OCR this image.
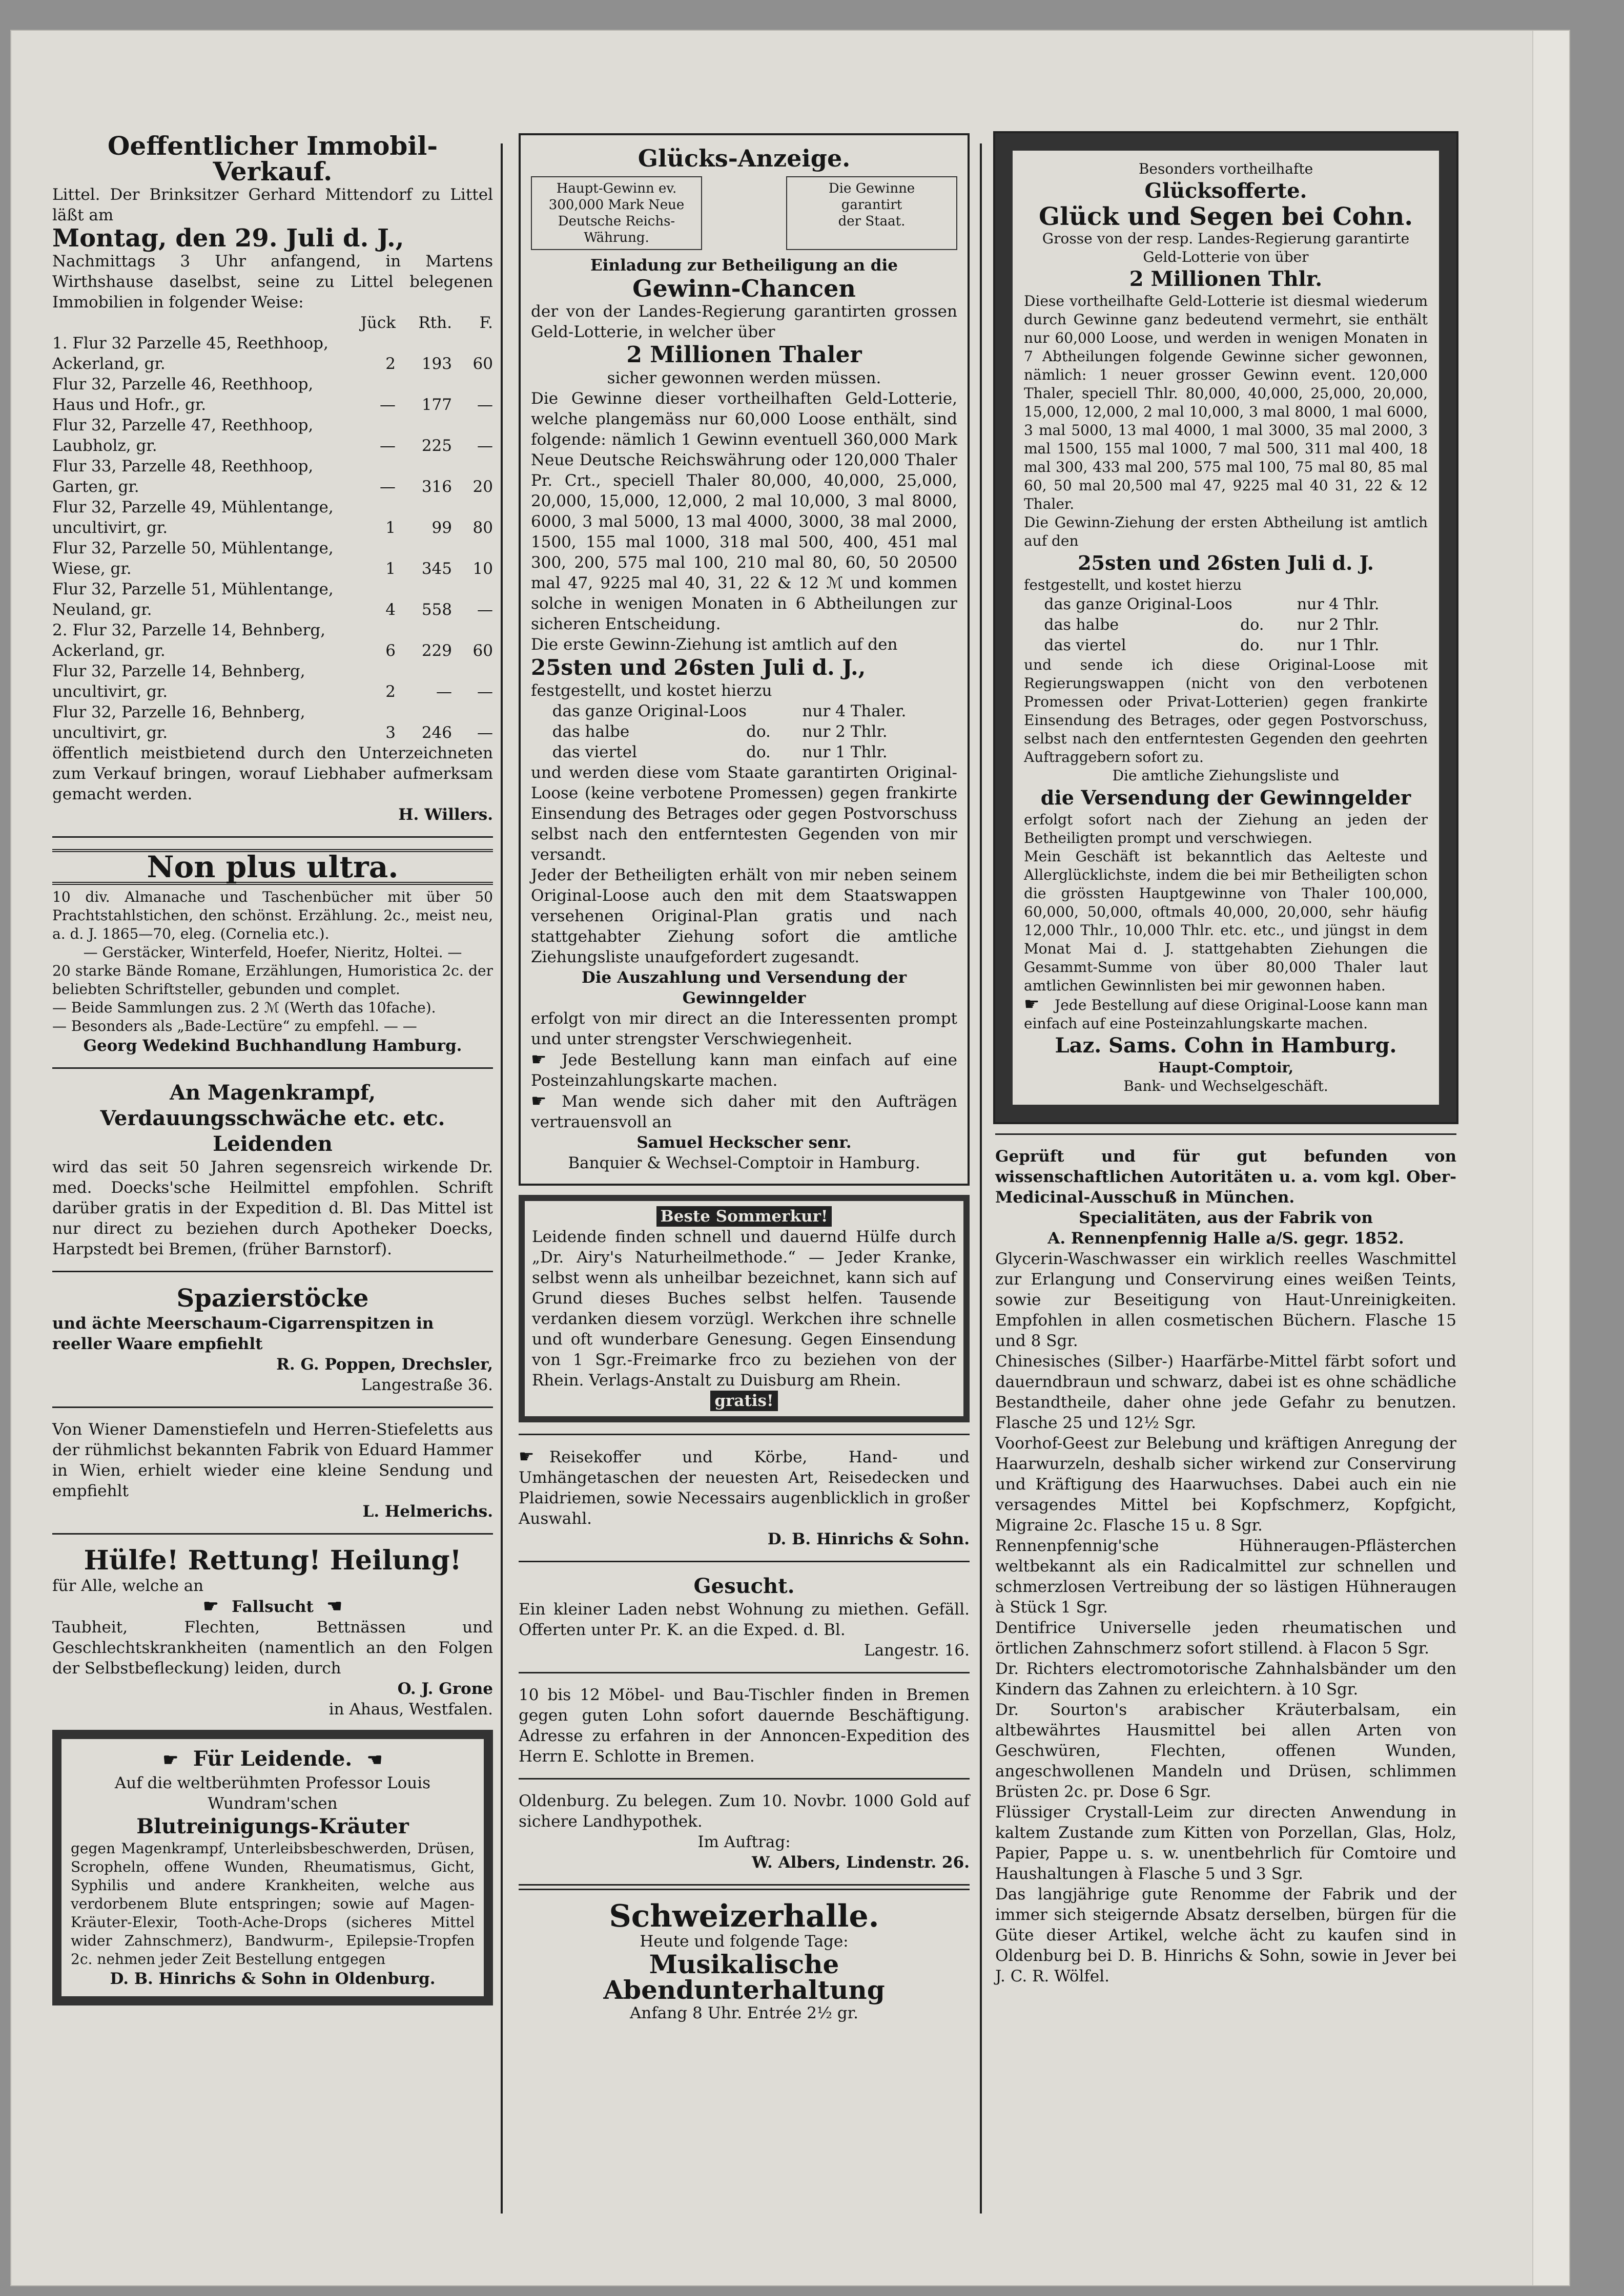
Oeffentlicher Immobil-Verkauf.

Littel. Der Brinksitzer Gerhard Mittendorf zu Littel läßt am

Montag, den 29. Juli d. J.,

Nachmittags 3 Uhr anfangend, in Martens Wirthshause daselbst, seine zu Littel belegenen Immobilien in folgender Weise:

	Jück	Rth.	F.
1. Flur 32 Parzelle 45, Reethhoop, Ackerland, gr.	2	193	60
Flur 32, Parzelle 46, Reethhoop, Haus und Hofr., gr.	—	177	—
Flur 32, Parzelle 47, Reethhoop, Laubholz, gr.	—	225	—
Flur 33, Parzelle 48, Reethhoop, Garten, gr.	—	316	20
Flur 32, Parzelle 49, Mühlentange, uncultivirt, gr.	1	99	80
Flur 32, Parzelle 50, Mühlentange, Wiese, gr.	1	345	10
Flur 32, Parzelle 51, Mühlentange, Neuland, gr.	4	558	—
2. Flur 32, Parzelle 14, Behnberg, Ackerland, gr.	6	229	60
Flur 32, Parzelle 14, Behnberg, uncultivirt, gr.	2	—	—
Flur 32, Parzelle 16, Behnberg, uncultivirt, gr.	3	246	—

öffentlich meistbietend durch den Unterzeichneten zum Verkauf bringen, worauf Liebhaber aufmerksam gemacht werden.

H. Willers.

Non plus ultra.

10 div. Almanache und Taschenbücher mit über 50 Prachtstahlstichen, den schönst. Erzählung. 2c., meist neu, a. d. J. 1865—70, eleg. (Cornelia etc.).

— Gerstäcker, Winterfeld, Hoefer, Nieritz, Holtei. —

20 starke Bände Romane, Erzählungen, Humoristica 2c. der beliebten Schriftsteller, gebunden und complet.

— Beide Sammlungen zus. 2 ℳ (Werth das 10fache).

— Besonders als „Bade-Lectüre“ zu empfehl. — —

Georg Wedekind Buchhandlung Hamburg.

An Magenkrampf, Verdauungsschwäche etc. etc. Leidenden

wird das seit 50 Jahren segensreich wirkende Dr. med. Doecks'sche Heilmittel empfohlen. Schrift darüber gratis in der Expedition d. Bl. Das Mittel ist nur direct zu beziehen durch Apotheker Doecks, Harpstedt bei Bremen, (früher Barnstorf).

Spazierstöcke

und ächte Meerschaum-Cigarrenspitzen in reeller Waare empfiehlt

R. G. Poppen, Drechsler,

Langestraße 36.

Von Wiener Damenstiefeln und Herren-Stiefeletts aus der rühmlichst bekannten Fabrik von Eduard Hammer in Wien, erhielt wieder eine kleine Sendung und empfiehlt

L. Helmerichs.

Hülfe! Rettung! Heilung!

für Alle, welche an

☛ Fallsucht ☚

Taubheit, Flechten, Bettnässen und Geschlechtskrankheiten (namentlich an den Folgen der Selbstbefleckung) leiden, durch

O. J. Grone

in Ahaus, Westfalen.

☛ Für Leidende. ☚

Auf die weltberühmten Professor Louis Wundram'schen

Blutreinigungs-Kräuter

gegen Magenkrampf, Unterleibsbeschwerden, Drüsen, Scropheln, offene Wunden, Rheumatismus, Gicht, Syphilis und andere Krankheiten, welche aus verdorbenem Blute entspringen; sowie auf Magen-Kräuter-Elexir, Tooth-Ache-Drops (sicheres Mittel wider Zahnschmerz), Bandwurm-, Epilepsie-Tropfen 2c. nehmen jeder Zeit Bestellung entgegen

D. B. Hinrichs & Sohn in Oldenburg.

Glücks-Anzeige.
Haupt-Gewinn ev. 300,000 Mark Neue Deutsche Reichs-Währung.
Die Gewinne
garantirt
der Staat.

Einladung zur Betheiligung an die

Gewinn-Chancen

der von der Landes-Regierung garantirten grossen Geld-Lotterie, in welcher über

2 Millionen Thaler

sicher gewonnen werden müssen.

Die Gewinne dieser vortheilhaften Geld-Lotterie, welche plangemäss nur 60,000 Loose enthält, sind folgende: nämlich 1 Gewinn eventuell 360,000 Mark Neue Deutsche Reichswährung oder 120,000 Thaler Pr. Crt., speciell Thaler 80,000, 40,000, 25,000, 20,000, 15,000, 12,000, 2 mal 10,000, 3 mal 8000, 6000, 3 mal 5000, 13 mal 4000, 3000, 38 mal 2000, 1500, 155 mal 1000, 318 mal 500, 400, 451 mal 300, 200, 575 mal 100, 210 mal 80, 60, 50 20500 mal 47, 9225 mal 40, 31, 22 & 12 ℳ und kommen solche in wenigen Monaten in 6 Abtheilungen zur sicheren Entscheidung.

Die erste Gewinn-Ziehung ist amtlich auf den

25sten und 26sten Juli d. J.,

festgestellt, und kostet hierzu

das ganze Original-Loos		nur 4 Thaler.
das halbe	do.	nur 2 Thlr.
das viertel	do.	nur 1 Thlr.

und werden diese vom Staate garantirten Original-Loose (keine verbotene Promessen) gegen frankirte Einsendung des Betrages oder gegen Postvorschuss selbst nach den entferntesten Gegenden von mir versandt.

Jeder der Betheiligten erhält von mir neben seinem Original-Loose auch den mit dem Staatswappen versehenen Original-Plan gratis und nach stattgehabter Ziehung sofort die amtliche Ziehungsliste unaufgefordert zugesandt.

Die Auszahlung und Versendung der Gewinngelder

erfolgt von mir direct an die Interessenten prompt und unter strengster Verschwiegenheit.

☛ Jede Bestellung kann man einfach auf eine Posteinzahlungskarte machen.

☛ Man wende sich daher mit den Aufträgen vertrauensvoll an

Samuel Heckscher senr.

Banquier & Wechsel-Comptoir in Hamburg.

Beste Sommerkur!

Leidende finden schnell und dauernd Hülfe durch „Dr. Airy's Naturheilmethode.“ — Jeder Kranke, selbst wenn als unheilbar bezeichnet, kann sich auf Grund dieses Buches selbst helfen. Tausende verdanken diesem vorzügl. Werkchen ihre schnelle und oft wunderbare Genesung. Gegen Einsendung von 1 Sgr.-Freimarke frco zu beziehen von der Rhein. Verlags-Anstalt zu Duisburg am Rhein.

gratis!

☛ Reisekoffer und Körbe, Hand- und Umhängetaschen der neuesten Art, Reisedecken und Plaidriemen, sowie Necessairs augenblicklich in großer Auswahl.

D. B. Hinrichs & Sohn.

Gesucht.

Ein kleiner Laden nebst Wohnung zu miethen. Gefäll. Offerten unter Pr. K. an die Exped. d. Bl.

Langestr. 16.

10 bis 12 Möbel- und Bau-Tischler finden in Bremen gegen guten Lohn sofort dauernde Beschäftigung. Adresse zu erfahren in der Annoncen-Expedition des Herrn E. Schlotte in Bremen.

Oldenburg. Zu belegen. Zum 10. Novbr. 1000 Gold auf sichere Landhypothek.

Im Auftrag:

W. Albers, Lindenstr. 26.

Schweizerhalle.

Heute und folgende Tage:

Musikalische Abendunterhaltung

Anfang 8 Uhr. Entrée 2½ gr.

Besonders vortheilhafte

Glücksofferte.
Glück und Segen bei Cohn.

Grosse von der resp. Landes-Regierung garantirte Geld-Lotterie von über

2 Millionen Thlr.

Diese vortheilhafte Geld-Lotterie ist diesmal wiederum durch Gewinne ganz bedeutend vermehrt, sie enthält nur 60,000 Loose, und werden in wenigen Monaten in 7 Abtheilungen folgende Gewinne sicher gewonnen, nämlich: 1 neuer grosser Gewinn event. 120,000 Thaler, speciell Thlr. 80,000, 40,000, 25,000, 20,000, 15,000, 12,000, 2 mal 10,000, 3 mal 8000, 1 mal 6000, 3 mal 5000, 13 mal 4000, 1 mal 3000, 35 mal 2000, 3 mal 1500, 155 mal 1000, 7 mal 500, 311 mal 400, 18 mal 300, 433 mal 200, 575 mal 100, 75 mal 80, 85 mal 60, 50 mal 20,500 mal 47, 9225 mal 40 31, 22 & 12 Thaler.

Die Gewinn-Ziehung der ersten Abtheilung ist amtlich auf den

25sten und 26sten Juli d. J.

festgestellt, und kostet hierzu

das ganze Original-Loos		nur 4 Thlr.
das halbe	do.	nur 2 Thlr.
das viertel	do.	nur 1 Thlr.

und sende ich diese Original-Loose mit Regierungswappen (nicht von den verbotenen Promessen oder Privat-Lotterien) gegen frankirte Einsendung des Betrages, oder gegen Postvorschuss, selbst nach den entferntesten Gegenden den geehrten Auftraggebern sofort zu.

Die amtliche Ziehungsliste und

die Versendung der Gewinngelder

erfolgt sofort nach der Ziehung an jeden der Betheiligten prompt und verschwiegen.

Mein Geschäft ist bekanntlich das Aelteste und Allerglücklichste, indem die bei mir Betheiligten schon die grössten Hauptgewinne von Thaler 100,000, 60,000, 50,000, oftmals 40,000, 20,000, sehr häufig 12,000 Thlr., 10,000 Thlr. etc. etc., und jüngst in dem Monat Mai d. J. stattgehabten Ziehungen die Gesammt-Summe von über 80,000 Thaler laut amtlichen Gewinnlisten bei mir gewonnen haben.

☛ Jede Bestellung auf diese Original-Loose kann man einfach auf eine Posteinzahlungskarte machen.

Laz. Sams. Cohn in Hamburg.

Haupt-Comptoir,

Bank- und Wechselgeschäft.

Geprüft und für gut befunden von wissenschaftlichen Autoritäten u. a. vom kgl. Ober-Medicinal-Ausschuß in München.

Specialitäten, aus der Fabrik von

A. Rennenpfennig Halle a/S. gegr. 1852.

Glycerin-Waschwasser ein wirklich reelles Waschmittel zur Erlangung und Conservirung eines weißen Teints, sowie zur Beseitigung von Haut-Unreinigkeiten. Empfohlen in allen cosmetischen Büchern. Flasche 15 und 8 Sgr.

Chinesisches (Silber-) Haarfärbe-Mittel färbt sofort und dauerndbraun und schwarz, dabei ist es ohne schädliche Bestandtheile, daher ohne jede Gefahr zu benutzen. Flasche 25 und 12½ Sgr.

Voorhof-Geest zur Belebung und kräftigen Anregung der Haarwurzeln, deshalb sicher wirkend zur Conservirung und Kräftigung des Haarwuchses. Dabei auch ein nie versagendes Mittel bei Kopfschmerz, Kopfgicht, Migraine 2c. Flasche 15 u. 8 Sgr.

Rennenpfennig'sche Hühneraugen-Pflästerchen weltbekannt als ein Radicalmittel zur schnellen und schmerzlosen Vertreibung der so lästigen Hühneraugen à Stück 1 Sgr.

Dentifrice Universelle jeden rheumatischen und örtlichen Zahnschmerz sofort stillend. à Flacon 5 Sgr.

Dr. Richters electromotorische Zahnhalsbänder um den Kindern das Zahnen zu erleichtern. à 10 Sgr.

Dr. Sourton's arabischer Kräuterbalsam, ein altbewährtes Hausmittel bei allen Arten von Geschwüren, Flechten, offenen Wunden, angeschwollenen Mandeln und Drüsen, schlimmen Brüsten 2c. pr. Dose 6 Sgr.

Flüssiger Crystall-Leim zur directen Anwendung in kaltem Zustande zum Kitten von Porzellan, Glas, Holz, Papier, Pappe u. s. w. unentbehrlich für Comtoire und Haushaltungen à Flasche 5 und 3 Sgr.

Das langjährige gute Renomme der Fabrik und der immer sich steigernde Absatz derselben, bürgen für die Güte dieser Artikel, welche ächt zu kaufen sind in Oldenburg bei D. B. Hinrichs & Sohn, sowie in Jever bei J. C. R. Wölfel.
